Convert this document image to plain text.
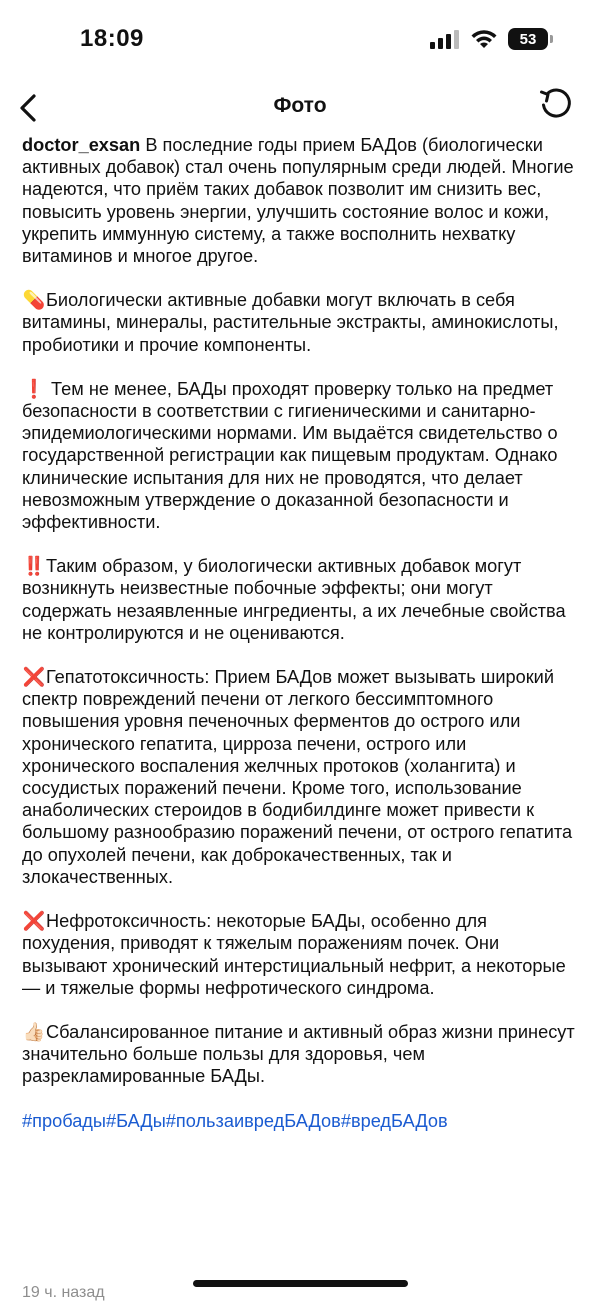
18:09	53
Фото

doctor_exsan В последние годы прием БАДов (биологически активных добавок) стал очень популярным среди людей. Многие надеются, что приём таких добавок позволит им снизить вес, повысить уровень энергии, улучшить состояние волос и кожи, укрепить иммунную систему, а также восполнить нехватку витаминов и многое другое.

💊Биологически активные добавки могут включать в себя витамины, минералы, растительные экстракты, аминокислоты, пробиотики и прочие компоненты.

❗ Тем не менее, БАДы проходят проверку только на предмет безопасности в соответствии с гигиеническими и санитарно-эпидемиологическими нормами. Им выдаётся свидетельство о государственной регистрации как пищевым продуктам. Однако клинические испытания для них не проводятся, что делает невозможным утверждение о доказанной безопасности и эффективности.

‼️Таким образом, у биологически активных добавок могут возникнуть неизвестные побочные эффекты; они могут содержать незаявленные ингредиенты, а их лечебные свойства не контролируются и не оцениваются.

❌Гепатотоксичность: Прием БАДов может вызывать широкий спектр повреждений печени от легкого бессимптомного повышения уровня печеночных ферментов до острого или хронического гепатита, цирроза печени, острого или хронического воспаления желчных протоков (холангита) и сосудистых поражений печени. Кроме того, использование анаболических стероидов в бодибилдинге может привести к большому разнообразию поражений печени, от острого гепатита до опухолей печени, как доброкачественных, так и злокачественных.

❌Нефротоксичность: некоторые БАДы, особенно для похудения, приводят к тяжелым поражениям почек. Они вызывают хронический интерстициальный нефрит, а некоторые — и тяжелые формы нефротического синдрома.

👍🏻Сбалансированное питание и активный образ жизни принесут значительно больше пользы для здоровья, чем разрекламированные БАДы.

#пробады#БАДы#пользаивредБАДов#вредБАДов

19 ч. назад
